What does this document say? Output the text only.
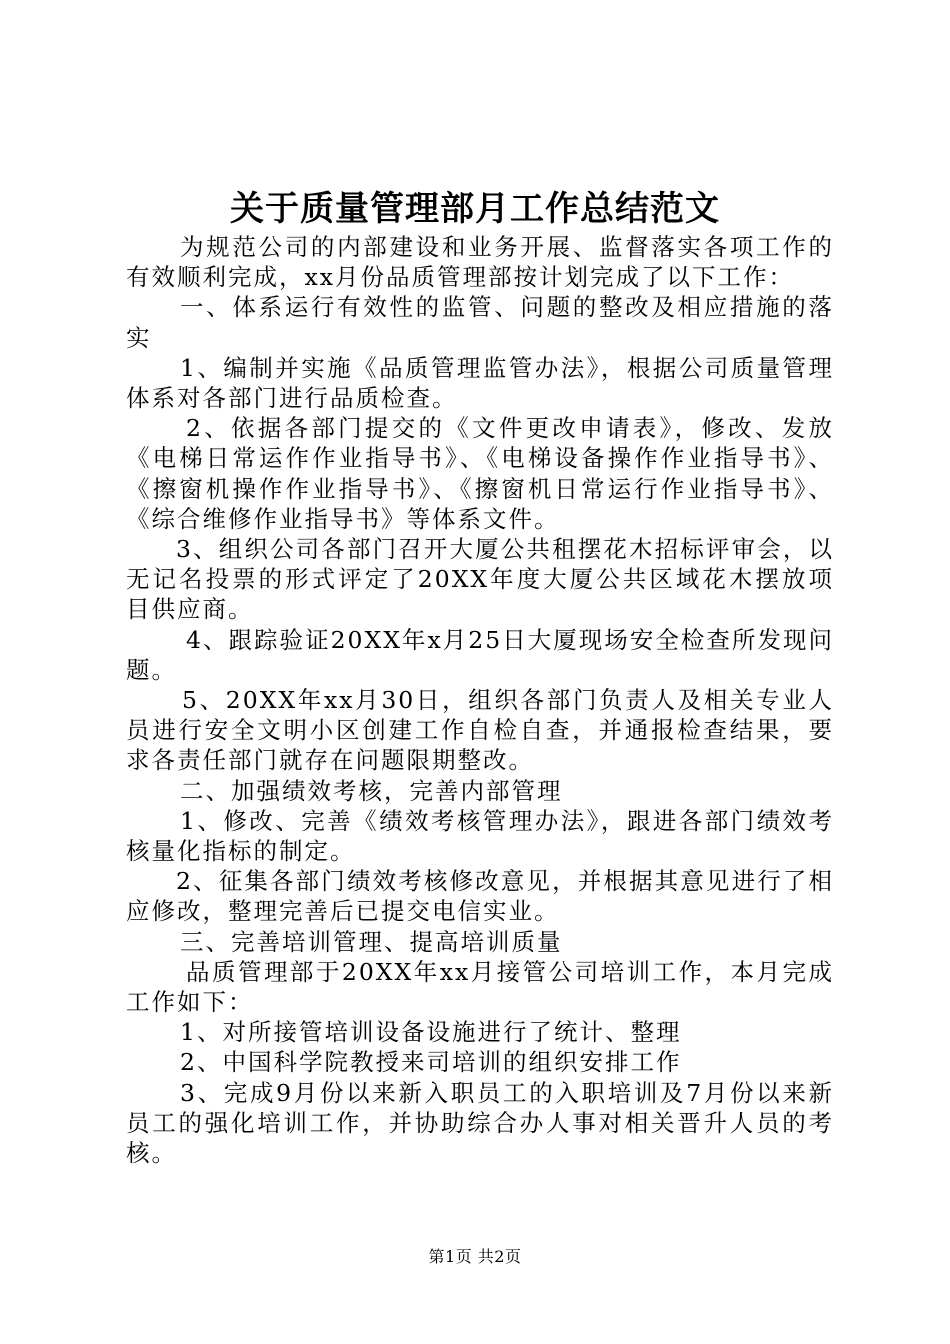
关于质量管理部月工作总结范文

为规范公司的内部建设和业务开展、监督落实各项工作的有效顺利完成，xx月份品质管理部按计划完成了以下工作：

一、体系运行有效性的监管、问题的整改及相应措施的落实

1、编制并实施《品质管理监管办法》，根据公司质量管理体系对各部门进行品质检查。

2、依据各部门提交的《文件更改申请表》，修改、发放《电梯日常运作作业指导书》、《电梯设备操作作业指导书》、《擦窗机操作作业指导书》、《擦窗机日常运行作业指导书》、《综合维修作业指导书》等体系文件。

3、组织公司各部门召开大厦公共租摆花木招标评审会，以无记名投票的形式评定了20XX年度大厦公共区域花木摆放项目供应商。

4、跟踪验证20XX年x月25日大厦现场安全检查所发现问题。

5、20XX年xx月30日，组织各部门负责人及相关专业人员进行安全文明小区创建工作自检自查，并通报检查结果，要求各责任部门就存在问题限期整改。

二、加强绩效考核，完善内部管理

1、修改、完善《绩效考核管理办法》，跟进各部门绩效考核量化指标的制定。

2、征集各部门绩效考核修改意见，并根据其意见进行了相应修改，整理完善后已提交电信实业。

三、完善培训管理、提高培训质量

品质管理部于20XX年xx月接管公司培训工作，本月完成工作如下：

1、对所接管培训设备设施进行了统计、整理

2、中国科学院教授来司培训的组织安排工作

3、完成9月份以来新入职员工的入职培训及7月份以来新员工的强化培训工作，并协助综合办人事对相关晋升人员的考核。

第1页 共2页
